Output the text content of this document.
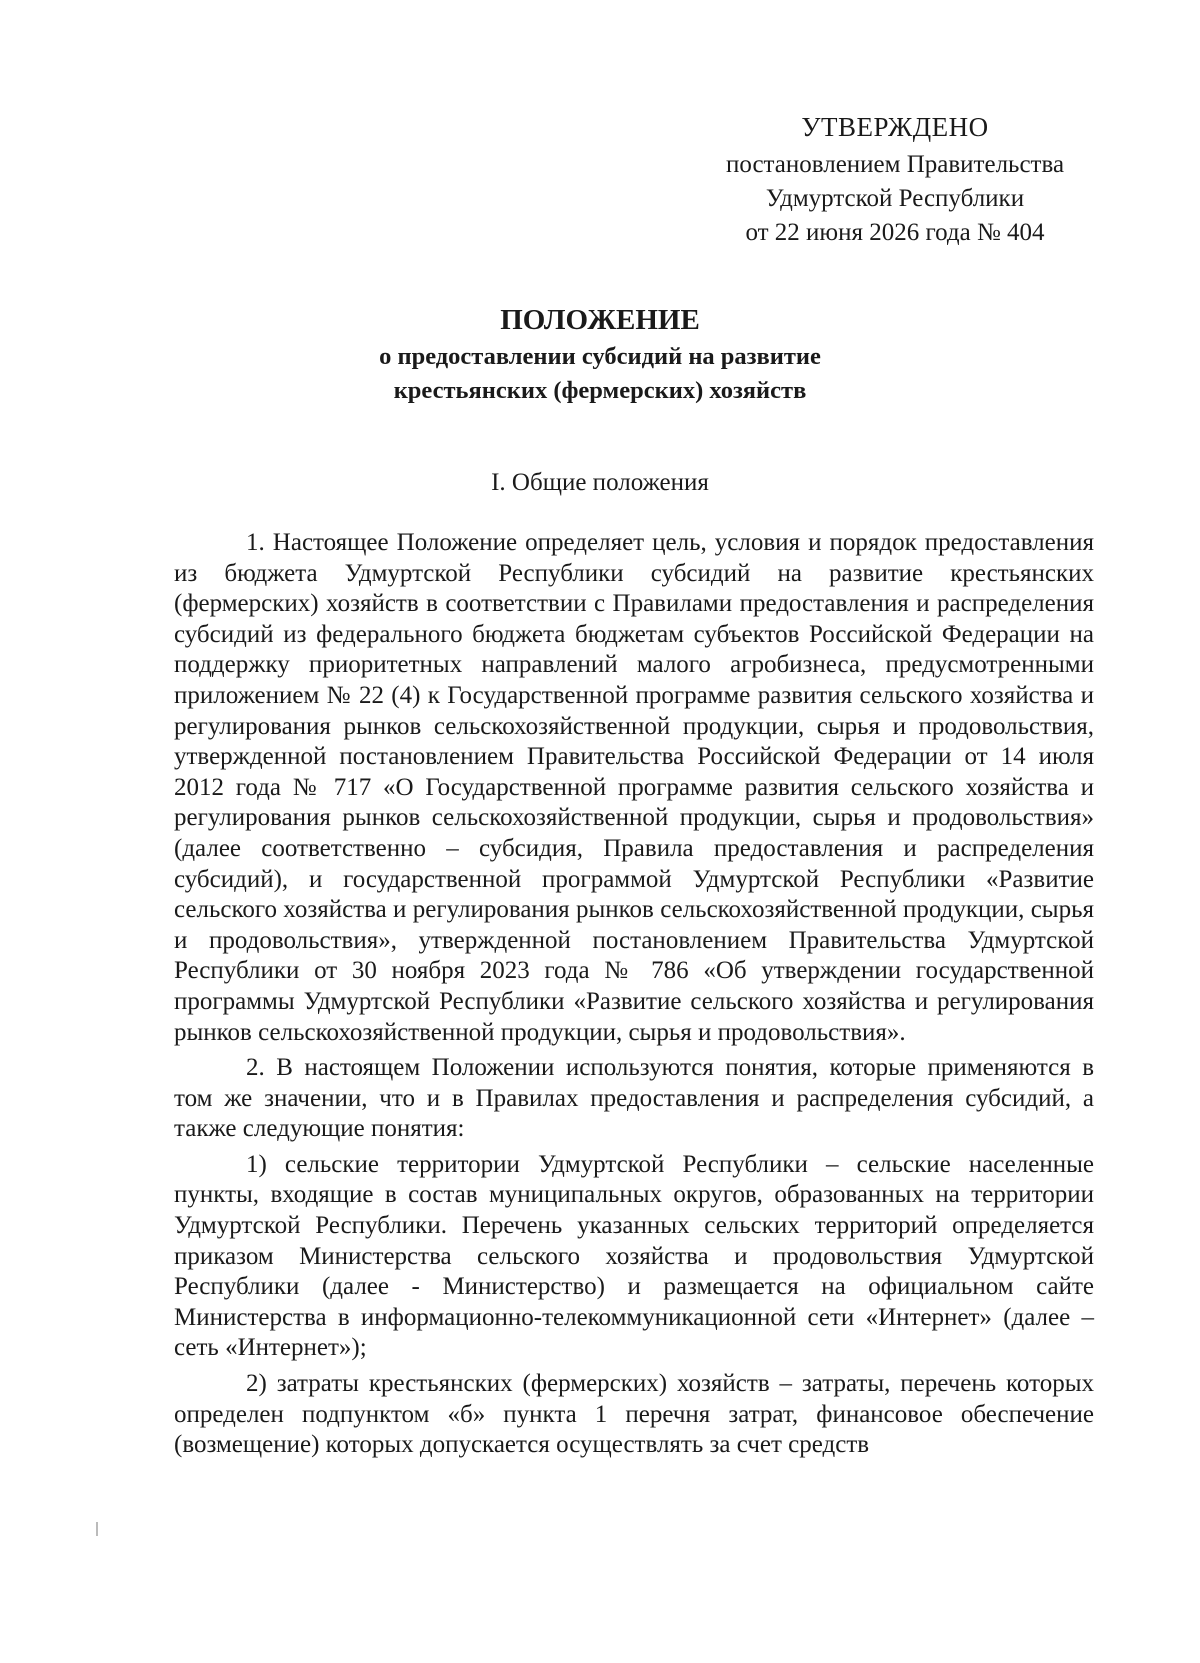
УТВЕРЖДЕНО
постановлением Правительства
Удмуртской Республики
от 22 июня 2026 года № 404
ПОЛОЖЕНИЕ
о предоставлении субсидий на развитие
крестьянских (фермерских) хозяйств
I. Общие положения

1. Настоящее Положение определяет цель, условия и порядок предоставления из бюджета Удмуртской Республики субсидий на развитие крестьянских (фермерских) хозяйств в соответствии с Правилами предоставления и распределения субсидий из федерального бюджета бюджетам субъектов Российской Федерации на поддержку приоритетных направлений малого агробизнеса, предусмотренными приложением № 22 (4) к Государственной программе развития сельского хозяйства и регулирования рынков сельскохозяйственной продукции, сырья и продовольствия, утвержденной постановлением Правительства Российской Федерации от 14 июля 2012 года № 717 «О Государственной программе развития сельского хозяйства и регулирования рынков сельскохозяйственной продукции, сырья и продовольствия» (далее соответственно – субсидия, Правила предоставления и распределения субсидий), и государственной программой Удмуртской Республики «Развитие сельского хозяйства и регулирования рынков сельскохозяйственной продукции, сырья и продовольствия», утвержденной постановлением Правительства Удмуртской Республики от 30 ноября 2023 года № 786 «Об утверждении государственной программы Удмуртской Республики «Развитие сельского хозяйства и регулирования рынков сельскохозяйственной продукции, сырья и продовольствия».

2. В настоящем Положении используются понятия, которые применяются в том же значении, что и в Правилах предоставления и распределения субсидий, а также следующие понятия:

1) сельские территории Удмуртской Республики – сельские населенные пункты, входящие в состав муниципальных округов, образованных на территории Удмуртской Республики. Перечень указанных сельских территорий определяется приказом Министерства сельского хозяйства и продовольствия Удмуртской Республики (далее - Министерство) и размещается на официальном сайте Министерства в информационно-телекоммуникационной сети «Интернет» (далее – сеть «Интернет»);

2) затраты крестьянских (фермерских) хозяйств – затраты, перечень которых определен подпунктом «б» пункта 1 перечня затрат, финансовое обеспечение (возмещение) которых допускается осуществлять за счет средств
